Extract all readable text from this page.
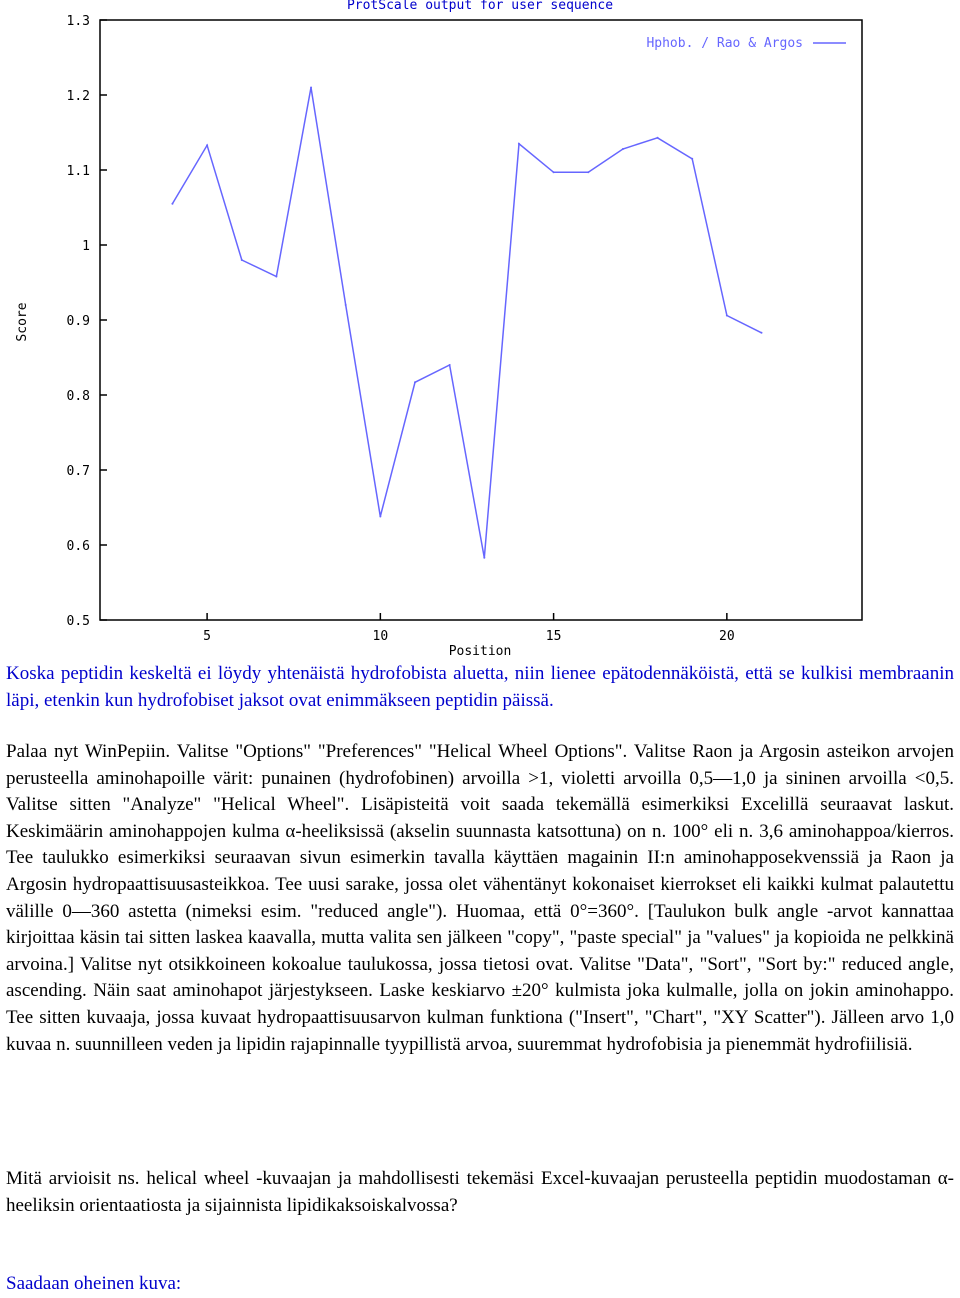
ProtScale output for user sequence
0.5
0.6
0.7
0.8
0.9
1
1.1
1.2
1.3
5	10	15	20
Score
Position
Hphob. / Rao & Argos

Koska peptidin keskeltä ei löydy yhtenäistä hydrofobista aluetta, niin lienee epätodennäköistä, että se kulkisi membraanin läpi, etenkin kun hydrofobiset jaksot ovat enimmäkseen peptidin päissä.

Palaa nyt WinPepiin. Valitse "Options" "Preferences" "Helical Wheel Options". Valitse Raon ja Argosin asteikon arvojen perusteella aminohapoille värit: punainen (hydrofobinen) arvoilla >1, violetti arvoilla 0,5—1,0 ja sininen arvoilla <0,5. Valitse sitten "Analyze" "Helical Wheel". Lisäpisteitä voit saada tekemällä esimerkiksi Excelillä seuraavat laskut. Keskimäärin aminohappojen kulma α-heeliksissä (akselin suunnasta katsottuna) on n. 100° eli n. 3,6 aminohappoa/kierros. Tee taulukko esimerkiksi seuraavan sivun esimerkin tavalla käyttäen magainin II:n aminohapposekvenssiä ja Raon ja Argosin hydropaattisuusasteikkoa. Tee uusi sarake, jossa olet vähentänyt kokonaiset kierrokset eli kaikki kulmat palautettu välille 0—360 astetta (nimeksi esim. "reduced angle"). Huomaa, että 0°=360°. [Taulukon bulk angle -arvot kannattaa kirjoittaa käsin tai sitten laskea kaavalla, mutta valita sen jälkeen "copy", "paste special" ja "values" ja kopioida ne pelkkinä arvoina.] Valitse nyt otsikkoineen kokoalue taulukossa, jossa tietosi ovat. Valitse "Data", "Sort", "Sort by:" reduced angle, ascending. Näin saat aminohapot järjestykseen. Laske keskiarvo ±20° kulmista joka kulmalle, jolla on jokin aminohappo. Tee sitten kuvaaja, jossa kuvaat hydropaattisuusarvon kulman funktiona ("Insert", "Chart", "XY Scatter"). Jälleen arvo 1,0 kuvaa n. suunnilleen veden ja lipidin rajapinnalle tyypillistä arvoa, suuremmat hydrofobisia ja pienemmät hydrofiilisiä.

Mitä arvioisit ns. helical wheel -kuvaajan ja mahdollisesti tekemäsi Excel-kuvaajan perusteella peptidin muodostaman α-heeliksin orientaatiosta ja sijainnista lipidikaksoiskalvossa?

Saadaan oheinen kuva:
